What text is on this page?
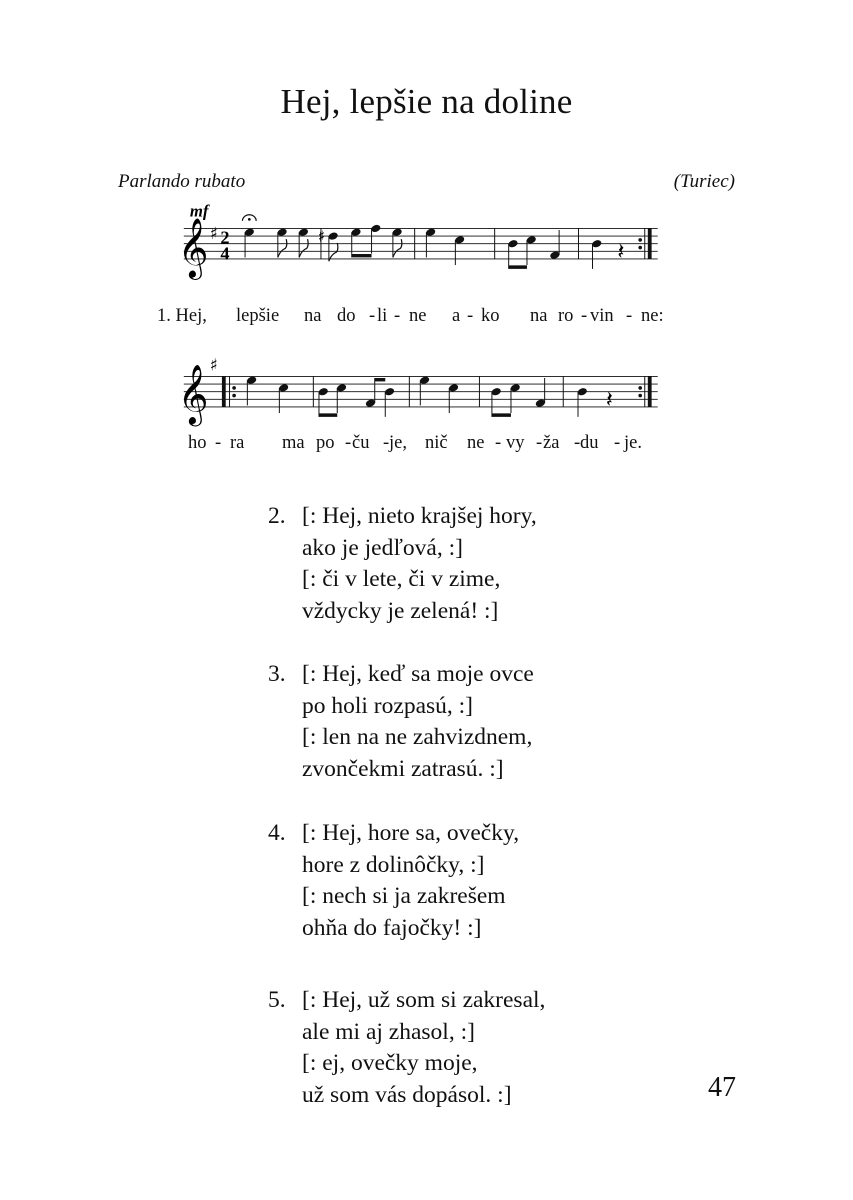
Hej, lepšie na doline
Parlando rubato	(Turiec)
mf
𝄞 ♯ 2
4
♯
𝄽
1. Hej, lepšie na do - li - ne a - ko na ro - vin - ne:
𝄞
♯
𝄽
ho - ra ma po - ču - je, nič ne - vy - ža - du - je.
2. [: Hej, nieto krajšej hory,
ako je jedľová, :]
[: či v lete, či v zime,
vždycky je zelená! :]
3. [: Hej, keď sa moje ovce
po holi rozpasú, :]
[: len na ne zahvizdnem,
zvončekmi zatrasú. :]
4. [: Hej, hore sa, ovečky,
hore z dolinôčky, :]
[: nech si ja zakrešem
ohňa do fajočky! :]
5. [: Hej, už som si zakresal,
ale mi aj zhasol, :]
[: ej, ovečky moje,
už som vás dopásol. :]	47
